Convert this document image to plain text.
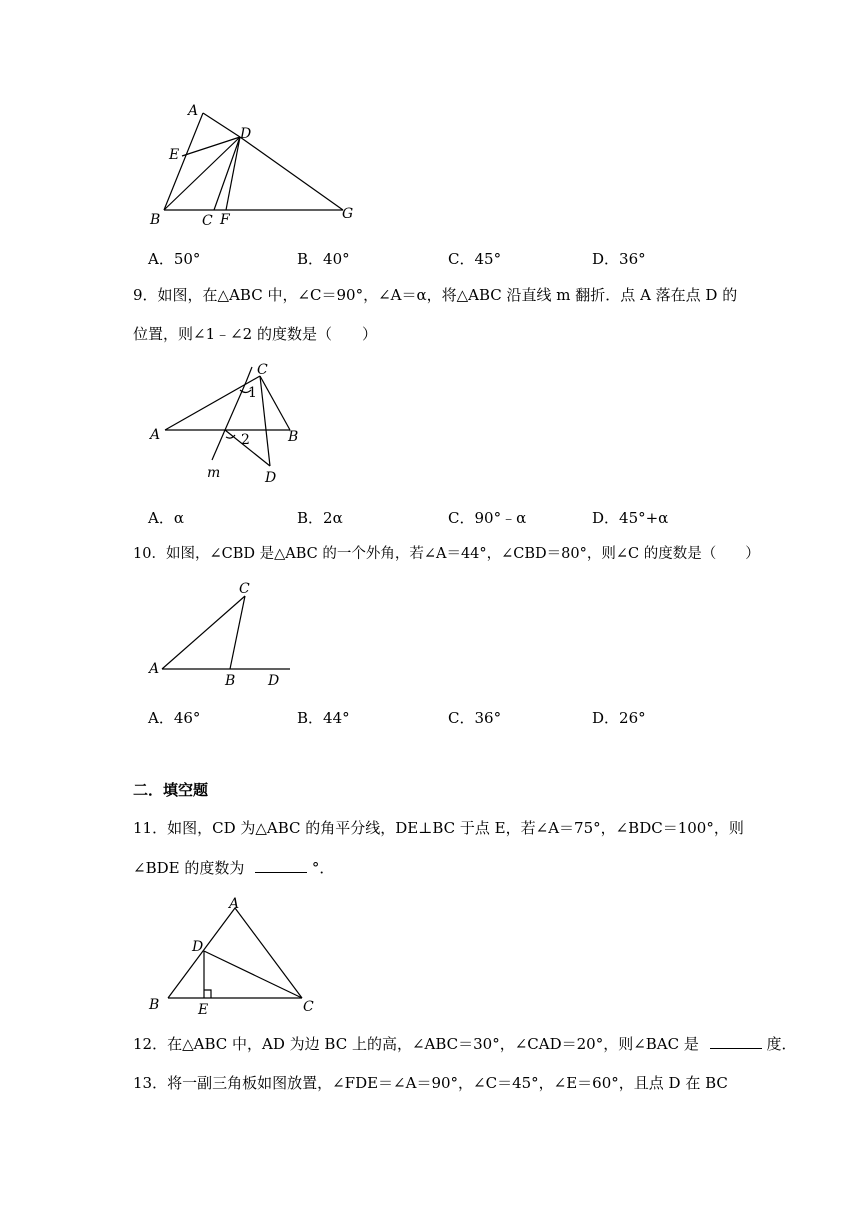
A
D
E
B	C F	G
A．50°	B．40°	C．45°	D．36°
9．如图，在△ABC 中，∠C＝90°，∠A＝α，将△ABC 沿直线 m 翻折．点 A 落在点 D 的
位置，则∠1﹣∠2 的度数是（　　）
C
1
A	B
2
m	D
A．α	B．2α	C．90°﹣α	D．45°+α
10．如图，∠CBD 是△ABC 的一个外角，若∠A＝44°，∠CBD＝80°，则∠C 的度数是（　　）
C
A
B D
A．46°	B．44°	C．36°	D．26°
二．填空题
11．如图，CD 为△ABC 的角平分线，DE⊥BC 于点 E，若∠A＝75°，∠BDC＝100°，则
∠BDE 的度数为	°．
A
D
B	E	C
12．在△ABC 中，AD 为边 BC 上的高，∠ABC＝30°，∠CAD＝20°，则∠BAC 是	度．
13．将一副三角板如图放置，∠FDE＝∠A＝90°，∠C＝45°，∠E＝60°，且点 D 在 BC
